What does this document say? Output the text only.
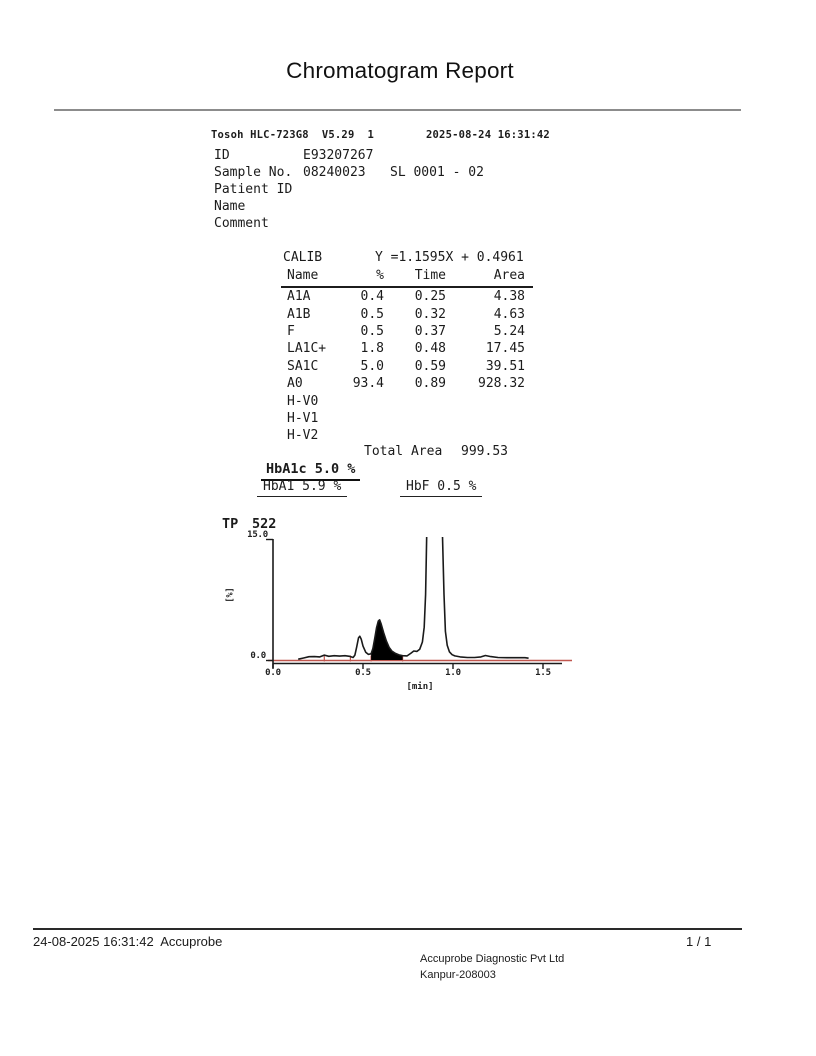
Chromatogram Report
Tosoh HLC-723G8  V5.29  1	2025-08-24 16:31:42
ID	E93207267
Sample No. 08240023 SL 0001 - 02
Patient ID
Name
Comment
CALIB	Y =1.1595X + 0.4961
Name	%	Time	Area
A1A	0.4	0.25	4.38
A1B	0.5	0.32	4.63
F	0.5	0.37	5.24
LA1C+	1.8	0.48	17.45
SA1C	5.0	0.59	39.51
A0	93.4	0.89	928.32
H-V0			
H-V1			
H-V2			
Total Area	999.53
HbA1c 5.0 %
HbA1 5.9 %	HbF 0.5 %
TP 522
15.0
0.0
[%]
0.0	0.5	1.0	1.5
[min]
24-08-2025 16:31:42  Accuprobe	1 / 1
Accuprobe Diagnostic Pvt Ltd
Kanpur-208003
